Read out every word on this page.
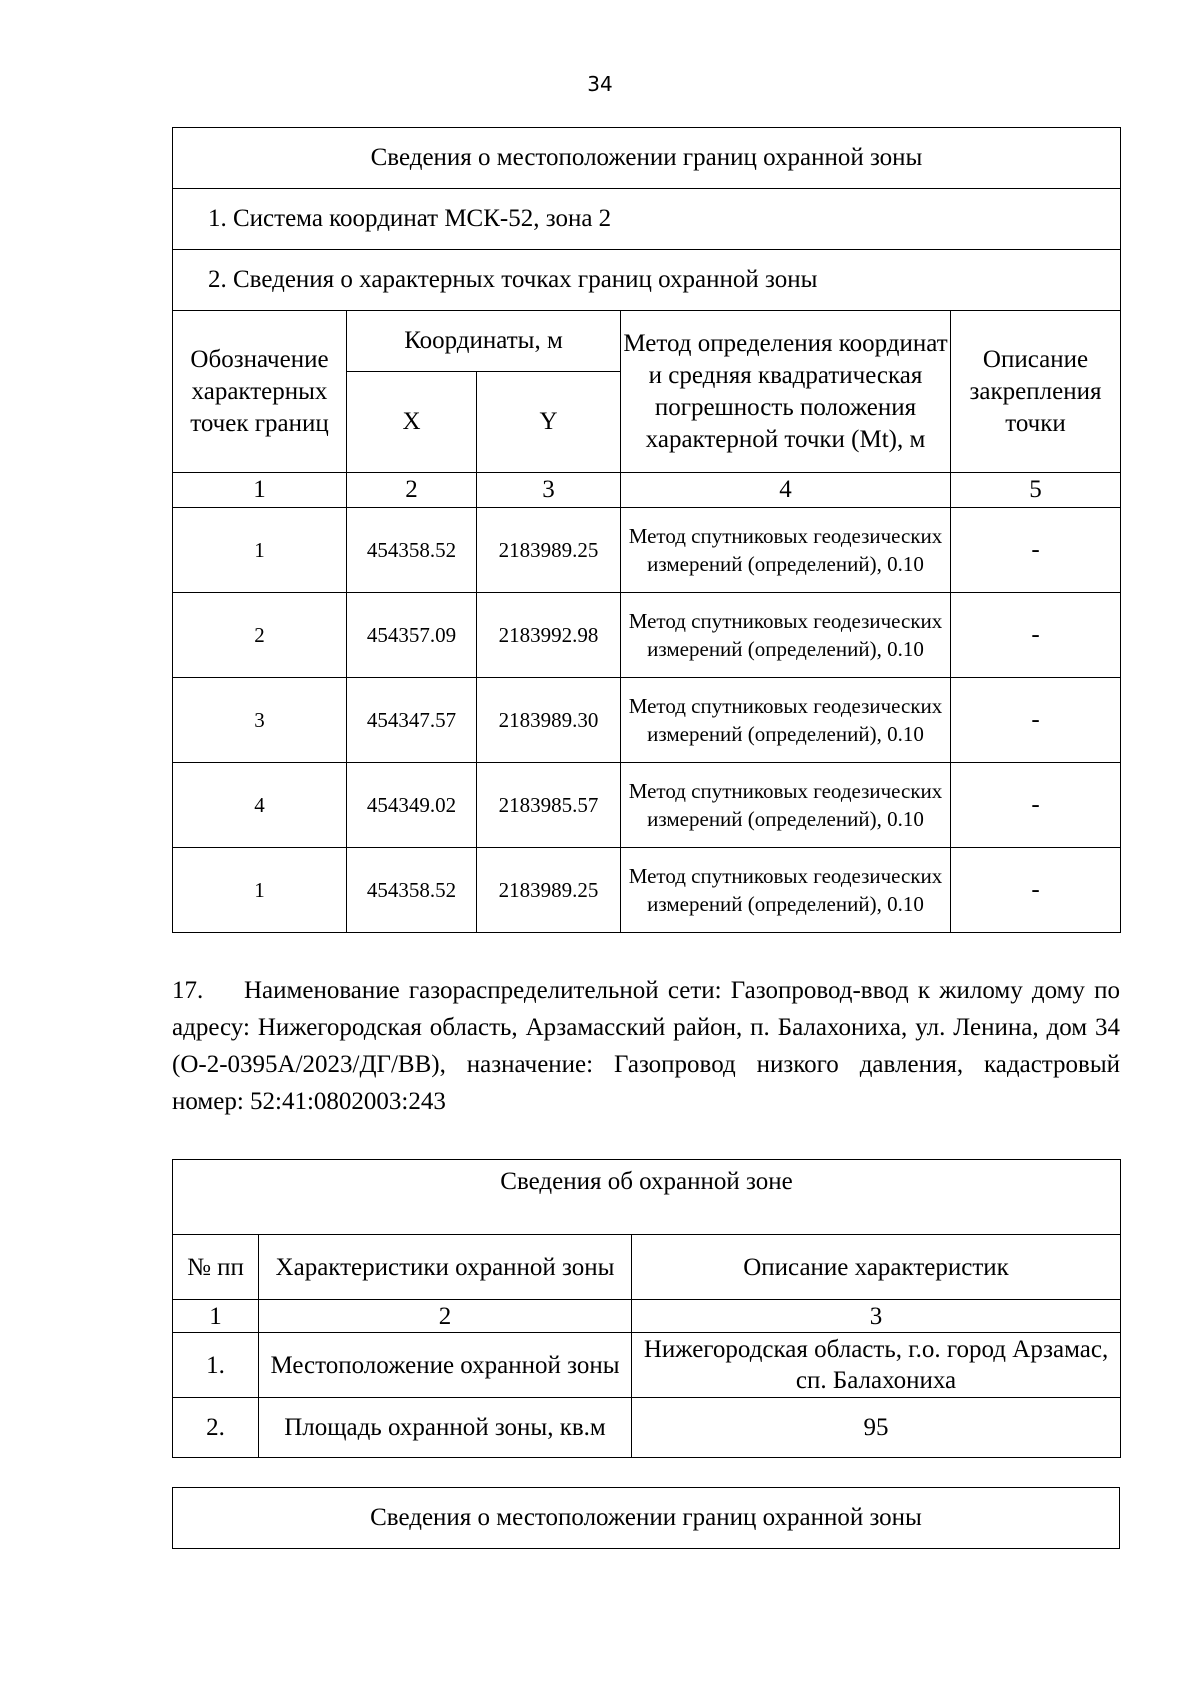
34
Сведения о местоположении границ охранной зоны				
1. Система координат МСК-52, зона 2				
2. Сведения о характерных точках границ охранной зоны				
Обозначение характерных точек границ	Координаты, м		Метод определения координат и средняя квадратическая погрешность положения характерной точки (Mt), м	Описание закрепления точки
	X	Y		
1	2	3	4	5
1	454358.52	2183989.25	Метод спутниковых геодезических измерений (определений), 0.10	-
2	454357.09	2183992.98	Метод спутниковых геодезических измерений (определений), 0.10	-
3	454347.57	2183989.30	Метод спутниковых геодезических измерений (определений), 0.10	-
4	454349.02	2183985.57	Метод спутниковых геодезических измерений (определений), 0.10	-
1	454358.52	2183989.25	Метод спутниковых геодезических измерений (определений), 0.10	-

17. Наименование газораспределительной сети: Газопровод-ввод к жилому дому по адресу: Нижегородская область, Арзамасский район, п. Балахониха, ул. Ленина, дом 34 (О-2-0395А/2023/ДГ/ВВ), назначение: Газопровод низкого давления, кадастровый номер: 52:41:0802003:243

Сведения об охранной зоне		
№ пп	Характеристики охранной зоны	Описание характеристик
1	2	3
1.	Местоположение охранной зоны	Нижегородская область, г.о. город Арзамас, сп. Балахониха
2.	Площадь охранной зоны, кв.м	95
Сведения о местоположении границ охранной зоны
